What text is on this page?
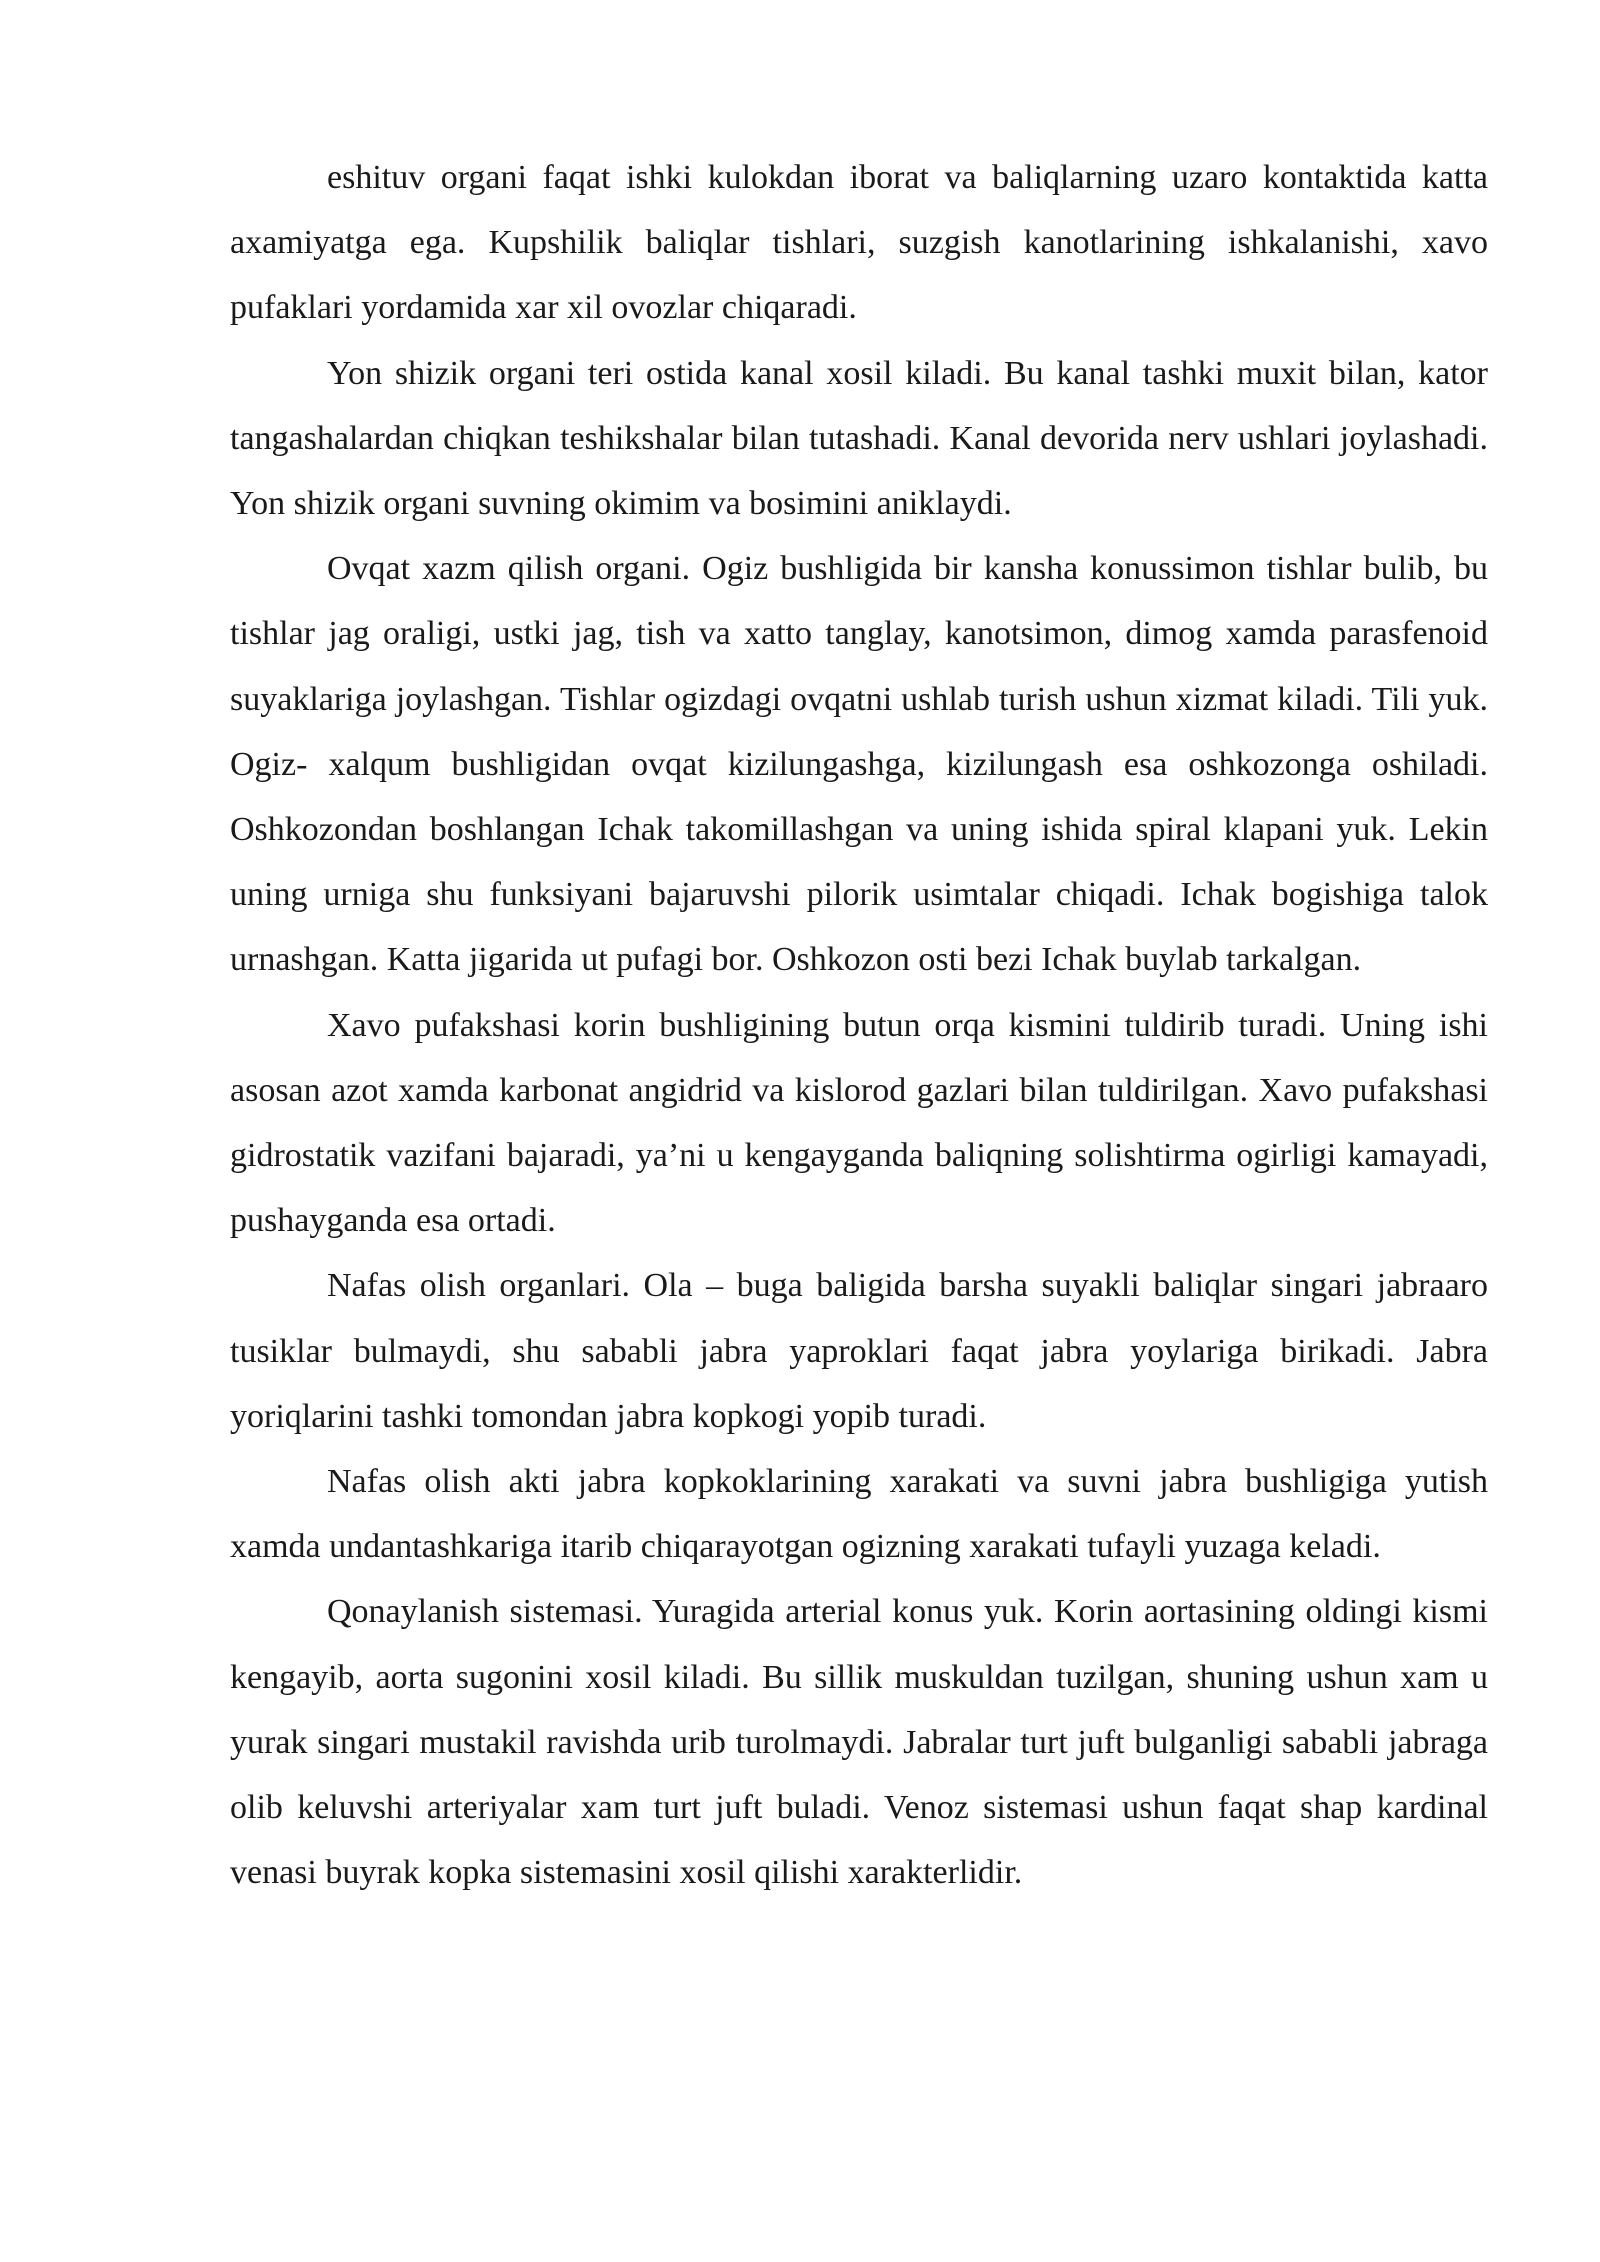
eshituv organi faqat ishki kulokdan iborat va baliqlarning uzaro kontaktida katta axamiyatga ega. Kupshilik baliqlar tishlari, suzgish kanotlarining ishkalanishi, xavo pufaklari yordamida xar xil ovozlar chiqaradi.

Yon shizik organi teri ostida kanal xosil kiladi. Bu kanal tashki muxit bilan, kator tangashalardan chiqkan teshikshalar bilan tutashadi. Kanal devorida nerv ushlari joylashadi. Yon shizik organi suvning okimim va bosimini aniklaydi.

Ovqat xazm qilish organi. Ogiz bushligida bir kansha konussimon tishlar bulib, bu tishlar jag oraligi, ustki jag, tish va xatto tanglay, kanotsimon, dimog xamda parasfenoid suyaklariga joylashgan. Tishlar ogizdagi ovqatni ushlab turish ushun xizmat kiladi. Tili yuk. Ogiz- xalqum bushligidan ovqat kizilungashga, kizilungash esa oshkozonga oshiladi. Oshkozondan boshlangan Ichak takomillashgan va uning ishida spiral klapani yuk. Lekin uning urniga shu funksiyani bajaruvshi pilorik usimtalar chiqadi. Ichak bogishiga talok urnashgan. Katta jigarida ut pufagi bor. Oshkozon osti bezi Ichak buylab tarkalgan.

Xavo pufakshasi korin bushligining butun orqa kismini tuldirib turadi. Uning ishi asosan azot xamda karbonat angidrid va kislorod gazlari bilan tuldirilgan. Xavo pufakshasi gidrostatik vazifani bajaradi, ya’ni u kengayganda baliqning solishtirma ogirligi kamayadi, pushayganda esa ortadi.

Nafas olish organlari. Ola – buga baligida barsha suyakli baliqlar singari jabraaro tusiklar bulmaydi, shu sababli jabra yaproklari faqat jabra yoylariga birikadi. Jabra yoriqlarini tashki tomondan jabra kopkogi yopib turadi.

Nafas olish akti jabra kopkoklarining xarakati va suvni jabra bushligiga yutish xamda undantashkariga itarib chiqarayotgan ogizning xarakati tufayli yuzaga keladi.

Qonaylanish sistemasi. Yuragida arterial konus yuk. Korin aortasining oldingi kismi kengayib, aorta sugonini xosil kiladi. Bu sillik muskuldan tuzilgan, shuning ushun xam u yurak singari mustakil ravishda urib turolmaydi. Jabralar turt juft bulganligi sababli jabraga olib keluvshi arteriyalar xam turt juft buladi. Venoz sistemasi ushun faqat shap kardinal venasi buyrak kopka sistemasini xosil qilishi xarakterlidir.
